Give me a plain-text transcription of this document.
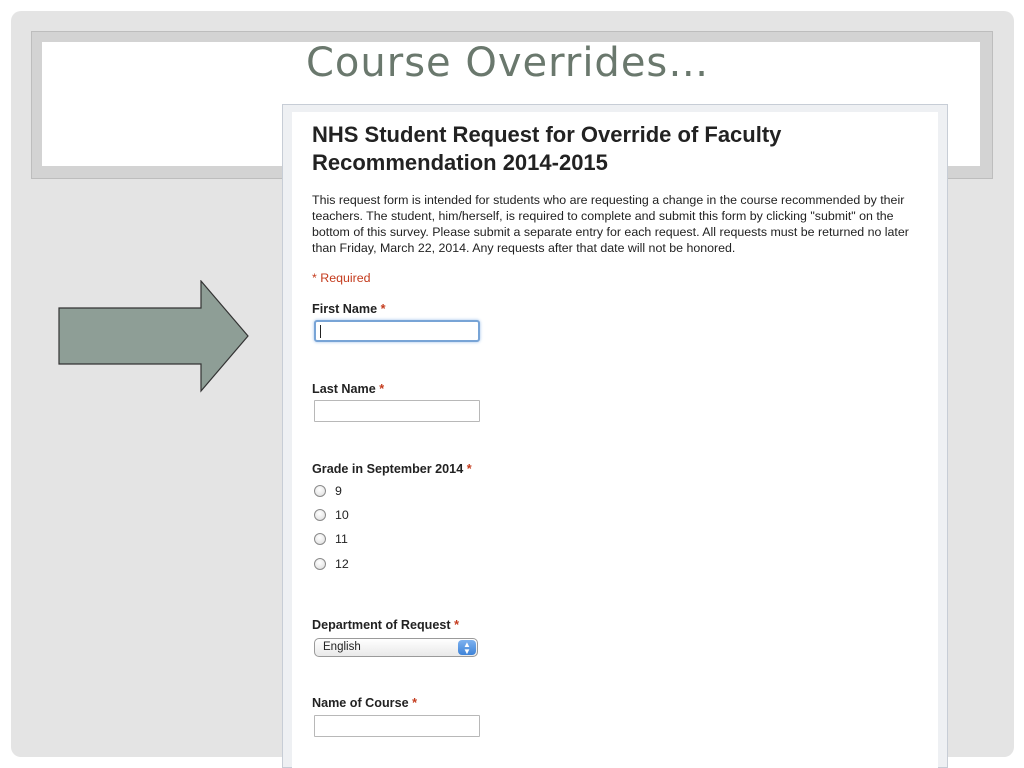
Course Overrides…
NHS Student Request for Override of Faculty Recommendation 2014-2015
This request form is intended for students who are requesting a change in the course recommended by their teachers. The student, him/herself, is required to complete and submit this form by clicking "submit" on the bottom of this survey. Please submit a separate entry for each request. All requests must be returned no later than Friday, March 22, 2014. Any requests after that date will not be honored.
* Required
First Name *
Last Name *
Grade in September 2014 *
9
10
11
12
Department of Request *
English	▲
▼
Name of Course *
